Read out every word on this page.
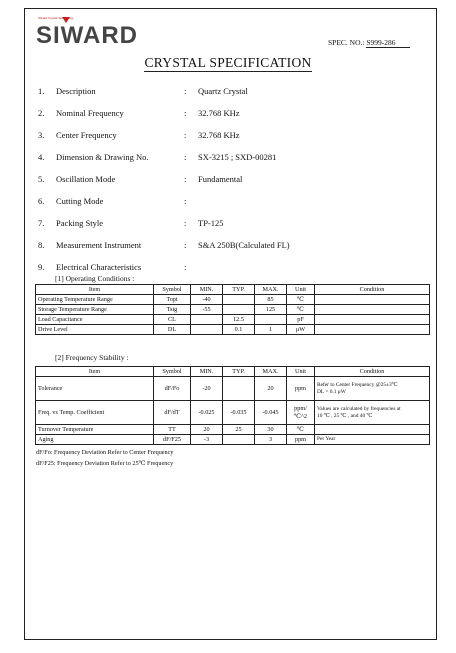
Siward Crystal Technology
SIWARD	SPEC. NO.: S999-286
CRYSTAL SPECIFICATION
1. Description	: Quartz Crystal
2. Nominal Frequency	: 32.768 KHz
3. Center Frequency	: 32.768 KHz
4. Dimension & Drawing No.	: SX-3215 ; SXD-00281
5. Oscillation Mode	: Fundamental
6. Cutting Mode	:
7. Packing Style	: TP-125
8. Measurement Instrument	: S&A 250B(Calculated FL)
9. Electrical Characteristics	:
[1] Operating Conditions :
Item	Symbol	MIN.	TYP.	MAX.	Unit	Condition
Operating Temperature Range	Topt	-40		85	℃	
Storage Temperature Range	Tstg	-55		125	℃	
Load Capacitance	CL		12.5		pF	
Drive Level	DL		0.1	1	μW	
[2] Frequency Stability :
Item	Symbol	MIN.	TYP.	MAX.	Unit	Condition
Tolerance	dF/Fo	-20		20	ppm	Refer to Center Frequency @25±3℃
DL = 0.1 μW

Freq. vs Temp. Coefficient	dF/dT	-0.025	-0.035	-0.045	ppm/℃^2	Values are calculated by frequencies at
10 ℃ , 25 ℃ , and 40 ℃

Turnover Temperature	TT	20	25	30	℃	
Aging	dF/F25	-3		3	ppm	Per Year
dF/Fo: Frequency Deviation Refer to Center Frequency
dF/F25: Frequency Deviation Refer to 25℃ Frequency
